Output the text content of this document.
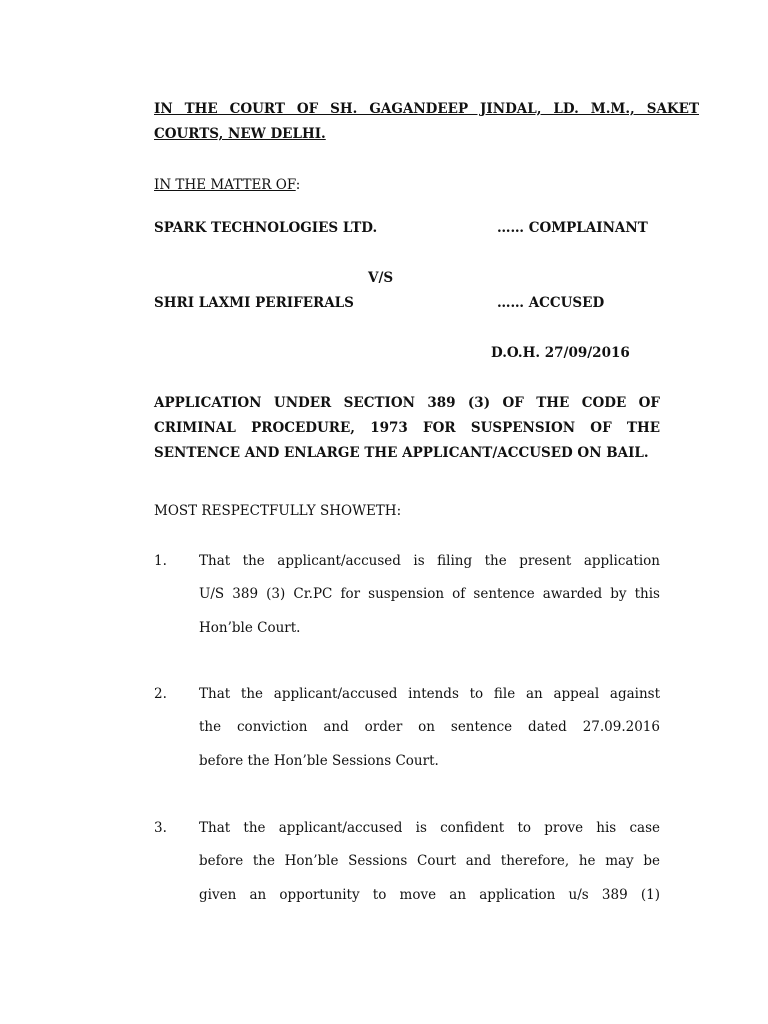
IN THE COURT OF SH. GAGANDEEP JINDAL, LD. M.M., SAKET
COURTS, NEW DELHI.
IN THE MATTER OF:
SPARK TECHNOLOGIES LTD.	…… COMPLAINANT
V/S
SHRI LAXMI PERIFERALS	…… ACCUSED
D.O.H. 27/09/2016
APPLICATION UNDER SECTION 389 (3) OF THE CODE OF
CRIMINAL PROCEDURE, 1973 FOR SUSPENSION OF THE
SENTENCE AND ENLARGE THE APPLICANT/ACCUSED ON BAIL.
MOST RESPECTFULLY SHOWETH:
1. That the applicant/accused is filing the present application
U/S 389 (3) Cr.PC for suspension of sentence awarded by this
Hon’ble Court.
2. That the applicant/accused intends to file an appeal against
the conviction and order on sentence dated 27.09.2016
before the Hon’ble Sessions Court.
3. That the applicant/accused is confident to prove his case
before the Hon’ble Sessions Court and therefore, he may be
given an opportunity to move an application u/s 389 (1)
